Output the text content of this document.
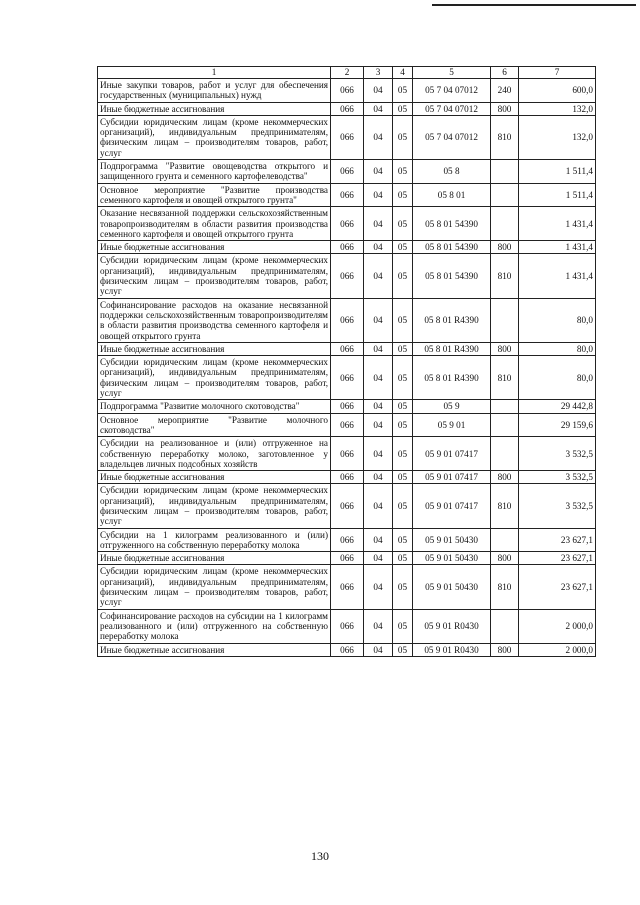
1	2	3	4	5	6	7
Иные закупки товаров, работ и услуг для обеспечения государственных (муниципальных) нужд	066	04	05	05 7 04 07012	240	600,0
Иные бюджетные ассигнования	066	04	05	05 7 04 07012	800	132,0
Субсидии юридическим лицам (кроме некоммерческих организаций), индивидуальным предпринимателям, физическим лицам – производителям товаров, работ, услуг	066	04	05	05 7 04 07012	810	132,0
Подпрограмма "Развитие овощеводства открытого и защищенного грунта и семенного картофелеводства"	066	04	05	05 8		1 511,4
Основное мероприятие "Развитие производства семенного картофеля и овощей открытого грунта"	066	04	05	05 8 01		1 511,4
Оказание несвязанной поддержки сельскохозяйственным товаропроизводителям в области развития производства семенного картофеля и овощей открытого грунта	066	04	05	05 8 01 54390		1 431,4
Иные бюджетные ассигнования	066	04	05	05 8 01 54390	800	1 431,4
Субсидии юридическим лицам (кроме некоммерческих организаций), индивидуальным предпринимателям, физическим лицам – производителям товаров, работ, услуг	066	04	05	05 8 01 54390	810	1 431,4
Софинансирование расходов на оказание несвязанной поддержки сельскохозяйственным товаропроизводителям в области развития производства семенного картофеля и овощей открытого грунта	066	04	05	05 8 01 R4390		80,0
Иные бюджетные ассигнования	066	04	05	05 8 01 R4390	800	80,0
Субсидии юридическим лицам (кроме некоммерческих организаций), индивидуальным предпринимателям, физическим лицам – производителям товаров, работ, услуг	066	04	05	05 8 01 R4390	810	80,0
Подпрограмма "Развитие молочного скотоводства"	066	04	05	05 9		29 442,8
Основное мероприятие "Развитие молочного скотоводства"	066	04	05	05 9 01		29 159,6
Субсидии на реализованное и (или) отгруженное на собственную переработку молоко, заготовленное у владельцев личных подсобных хозяйств	066	04	05	05 9 01 07417		3 532,5
Иные бюджетные ассигнования	066	04	05	05 9 01 07417	800	3 532,5
Субсидии юридическим лицам (кроме некоммерческих организаций), индивидуальным предпринимателям, физическим лицам – производителям товаров, работ, услуг	066	04	05	05 9 01 07417	810	3 532,5
Субсидии на 1 килограмм реализованного и (или) отгруженного на собственную переработку молока	066	04	05	05 9 01 50430		23 627,1
Иные бюджетные ассигнования	066	04	05	05 9 01 50430	800	23 627,1
Субсидии юридическим лицам (кроме некоммерческих организаций), индивидуальным предпринимателям, физическим лицам – производителям товаров, работ, услуг	066	04	05	05 9 01 50430	810	23 627,1
Софинансирование расходов на субсидии на 1 килограмм реализованного и (или) отгруженного на собственную переработку молока	066	04	05	05 9 01 R0430		2 000,0
Иные бюджетные ассигнования	066	04	05	05 9 01 R0430	800	2 000,0
130
